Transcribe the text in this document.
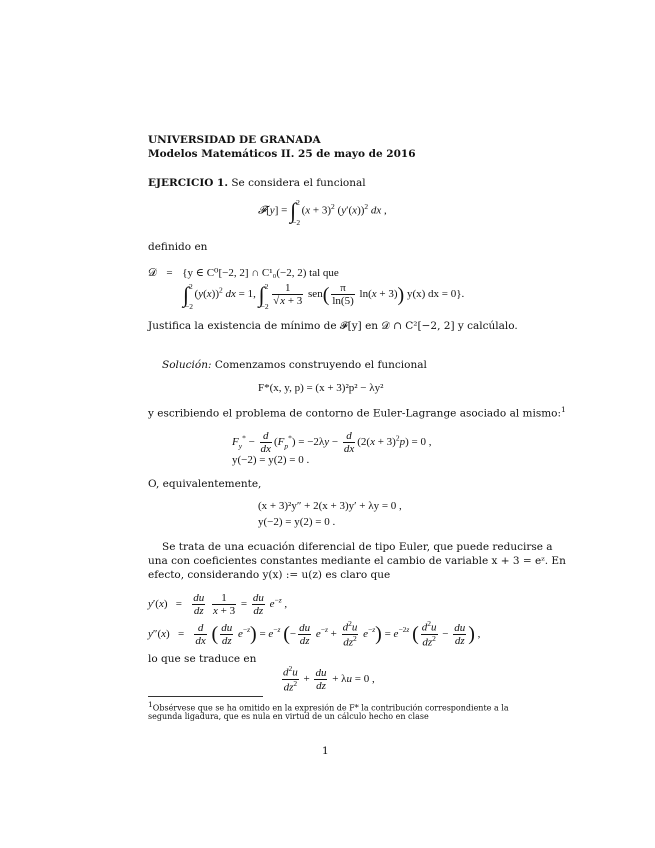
UNIVERSIDAD DE GRANADA
Modelos Matemáticos II. 25 de mayo de 2016
EJERCICIO 1. Se considera el funcional
𝓕[y] = ∫ 2
−2
$(x + 3)^2$ $(y'(x))^2$ dx ,
definido en
𝒟 = {y ∈ C⁰[−2, 2] ∩ C¹₀(−2, 2) tal que
∫ 2
−2
$(y(x))^2$ dx = 1, ∫ 2
−2
$\frac{1}{√x + 3} sen( \frac{\pi}{\ln(5)} \ln(x + 3))$ y(x) dx = 0}.
Justifica la existencia de mínimo de 𝓕[y] en 𝒟 ∩ C²[−2, 2] y calcúlalo.
Solución: Comenzamos construyendo el funcional
F*(x, y, p) = (x + 3)²p² − λy²
y escribiendo el problema de contorno de Euler-Lagrange asociado al mismo:$^1$
$F_y^* - \frac{d}{dx} (F_p^*) = -2\lambda y - \frac{d}{dx} (2(x + 3)^2p) = 0$ ,
y(−2) = y(2) = 0 .
O, equivalentemente,
(x + 3)²y″ + 2(x + 3)y′ + λy = 0 ,
y(−2) = y(2) = 0 .
Se trata de una ecuación diferencial de tipo Euler, que puede reducirse a
una con coeficientes constantes mediante el cambio de variable x + 3 = eᶻ. En
efecto, considerando y(x) := u(z) es claro que
$y'(x) = \frac{du}{dz}$
$\frac{1}{x + 3} = \frac{du}{dz} e^{-z}$ ,
$y''(x) = \frac{d}{dx}$ ( $\frac{du}{dz} e^{-z}) = e^{-z}$ (− $\frac{du}{dz} e^{-z} + \frac{d^2u}{dz^2} e^{-z}) = e^{-2z}$ ( $\frac{d^2u}{dz^2} - \frac{du}{dz}$ ) ,
lo que se traduce en
$\frac{d^2u}{dz^2} + \frac{du}{dz} + \lambda u = 0$ ,
$^1$Obsérvese que se ha omitido en la expresión de F* la contribución correspondiente a la
segunda ligadura, que es nula en virtud de un cálculo hecho en clase
1
